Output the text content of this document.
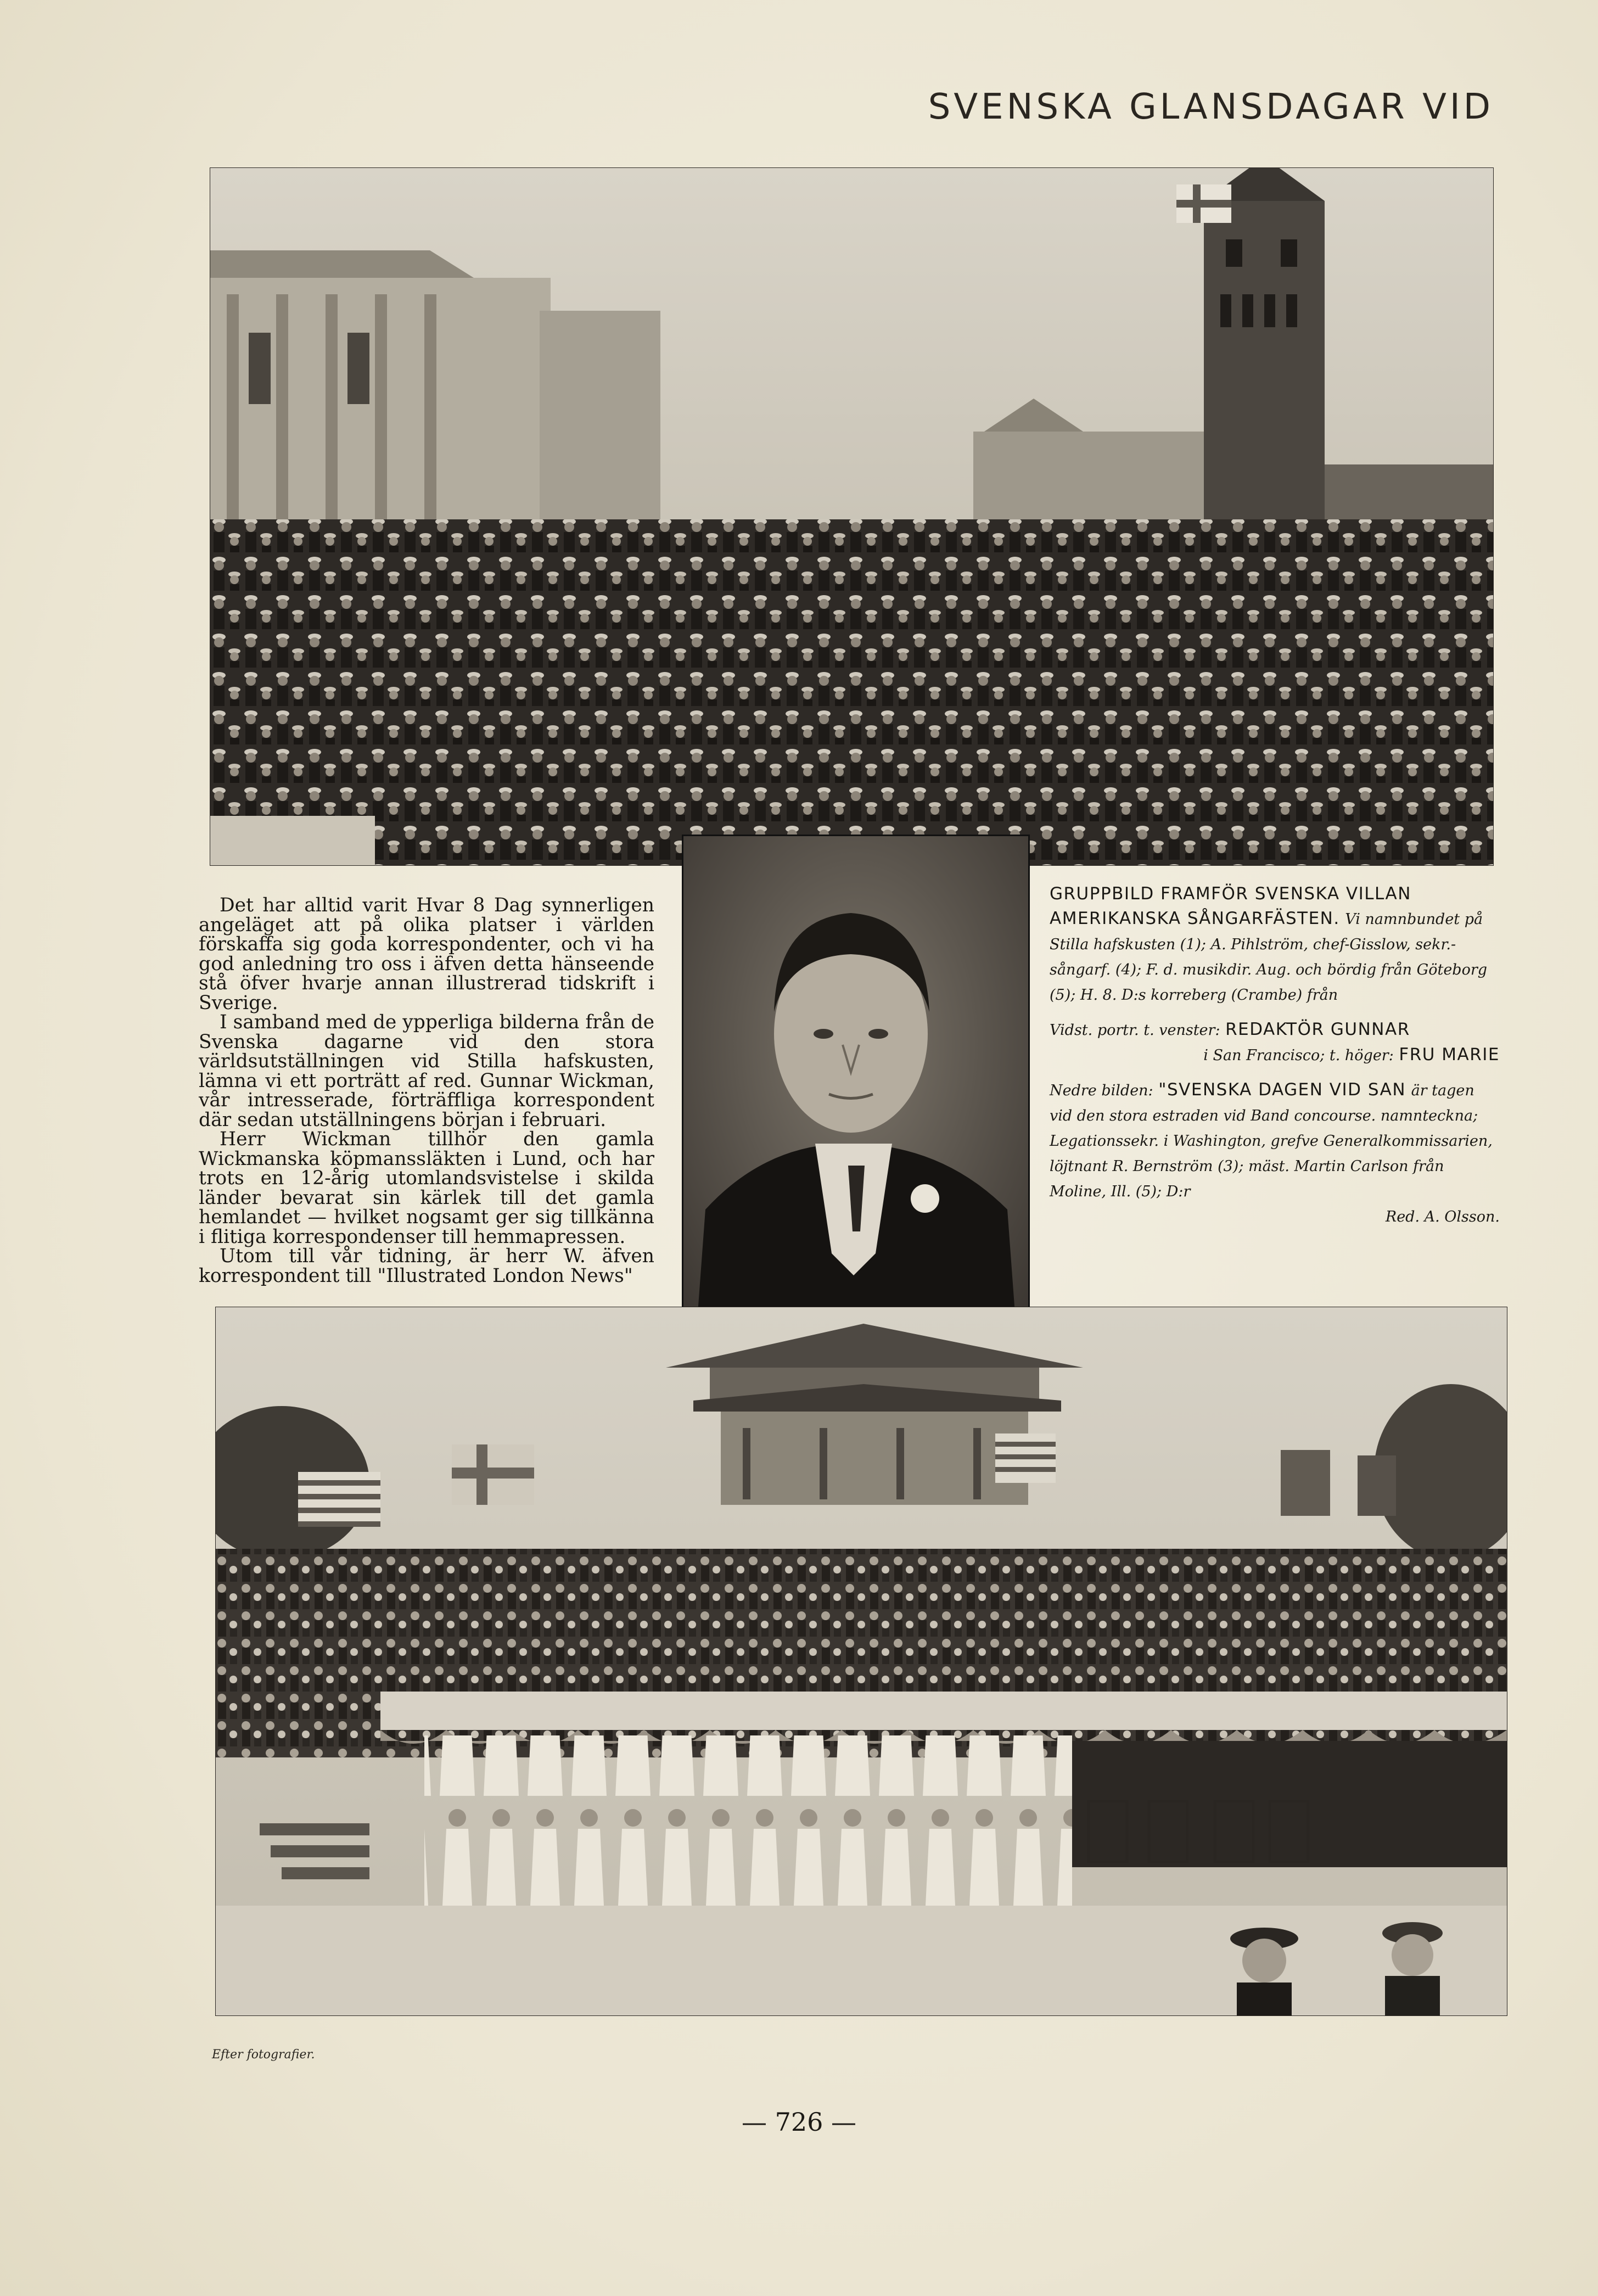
SVENSKA GLANSDAGAR VID

Det har alltid varit Hvar 8 Dag synnerligen angeläget att på olika platser i världen förskaffa sig goda korrespondenter, och vi ha god anledning tro oss i äfven detta hänseende stå öfver hvarje annan illustrerad tidskrift i Sverige.

I samband med de ypperliga bilderna från de Svenska dagarne vid den stora världsutställningen vid Stilla hafskusten, lämna vi ett porträtt af red. Gunnar Wickman, vår intresserade, förträffliga korrespondent där sedan utställningens början i februari.

Herr Wickman tillhör den gamla Wickmanska köpmanssläkten i Lund, och har trots en 12-årig utomlandsvistelse i skilda länder bevarat sin kärlek till det gamla hemlandet — hvilket nogsamt ger sig tillkänna i flitiga korrespondenser till hemmapressen.

Utom till vår tidning, är herr W. äfven korrespondent till "Illustrated London News"

GRUPPBILD FRAMFÖR SVENSKA VILLAN AMERIKANSKA SÅNGARFÄSTEN. Vi namnbundet på Stilla hafskusten (1); A. Pihlström, chef-Gisslow, sekr.-sångarf. (4); F. d. musikdir. Aug. och bördig från Göteborg (5); H. 8. D:s korreberg (Crambe) från
Vidst. portr. t. venster: REDAKTÖR GUNNAR
i San Francisco; t. höger: FRU MARIE
Nedre bilden: "SVENSKA DAGEN VID SAN är tagen vid den stora estraden vid Band concourse. namnteckna; Legationssekr. i Washington, grefve Generalkommissarien, löjtnant R. Bernström (3); mäst. Martin Carlson från Moline, Ill. (5); D:r
Red. A. Olsson.
Efter fotografier.
— 726 —
